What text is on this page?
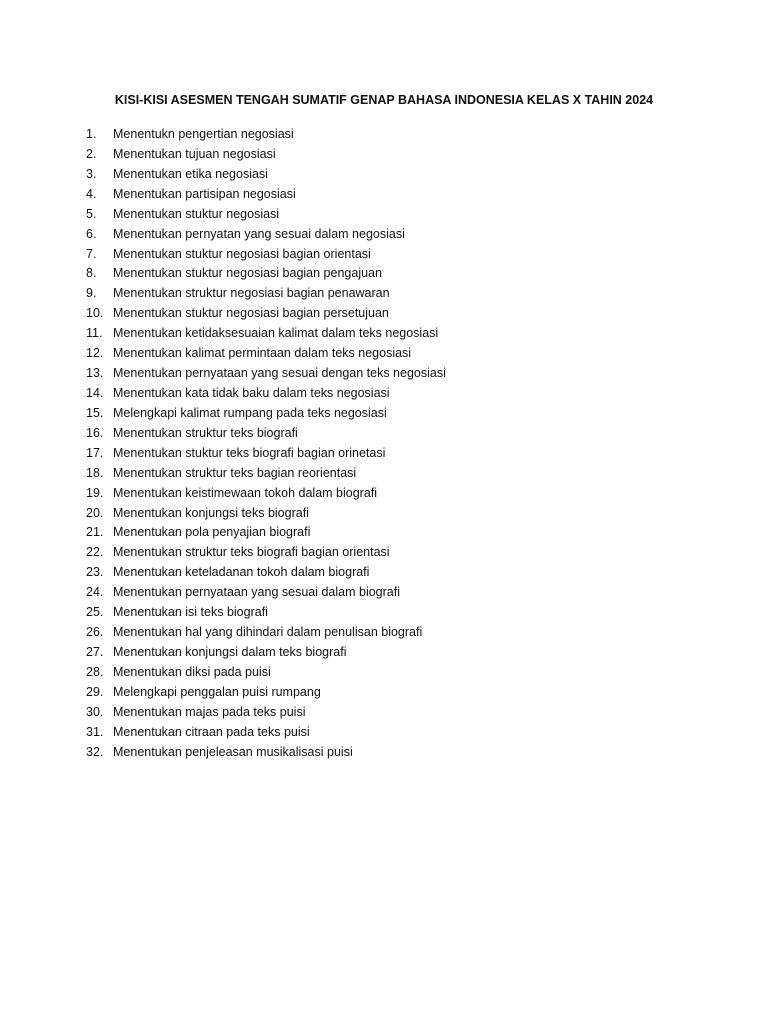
KISI-KISI ASESMEN TENGAH SUMATIF GENAP BAHASA INDONESIA KELAS X TAHIN 2024
1.	Menentukn pengertian negosiasi
2.	Menentukan tujuan negosiasi
3.	Menentukan etika negosiasi
4.	Menentukan partisipan negosiasi
5.	Menentukan stuktur negosiasi
6.	Menentukan pernyatan yang sesuai dalam negosiasi
7.	Menentukan stuktur negosiasi bagian orientasi
8.	Menentukan stuktur negosiasi bagian pengajuan
9.	Menentukan struktur negosiasi bagian penawaran
10. Menentukan stuktur negosiasi bagian persetujuan
11. Menentukan ketidaksesuaian kalimat dalam teks negosiasi
12. Menentukan kalimat permintaan dalam teks negosiasi
13. Menentukan pernyataan yang sesuai dengan teks negosiasi
14. Menentukan kata tidak baku dalam teks negosiasi
15. Melengkapi kalimat rumpang pada teks negosiasi
16. Menentukan struktur teks biografi
17. Menentukan stuktur teks biografi bagian orinetasi
18. Menentukan struktur teks bagian reorientasi
19. Menentukan keistimewaan tokoh dalam biografi
20. Menentukan konjungsi teks biografi
21. Menentukan pola penyajian biografi
22. Menentukan struktur teks biografi bagian orientasi
23. Menentukan keteladanan tokoh dalam biografi
24. Menentukan pernyataan yang sesuai dalam biografi
25. Menentukan isi teks biografi
26. Menentukan hal yang dihindari dalam penulisan biografi
27. Menentukan konjungsi dalam teks biografi
28. Menentukan diksi pada puisi
29. Melengkapi penggalan puisi rumpang
30. Menentukan majas pada teks puisi
31. Menentukan citraan pada teks puisi
32. Menentukan penjeleasan musikalisasi puisi
